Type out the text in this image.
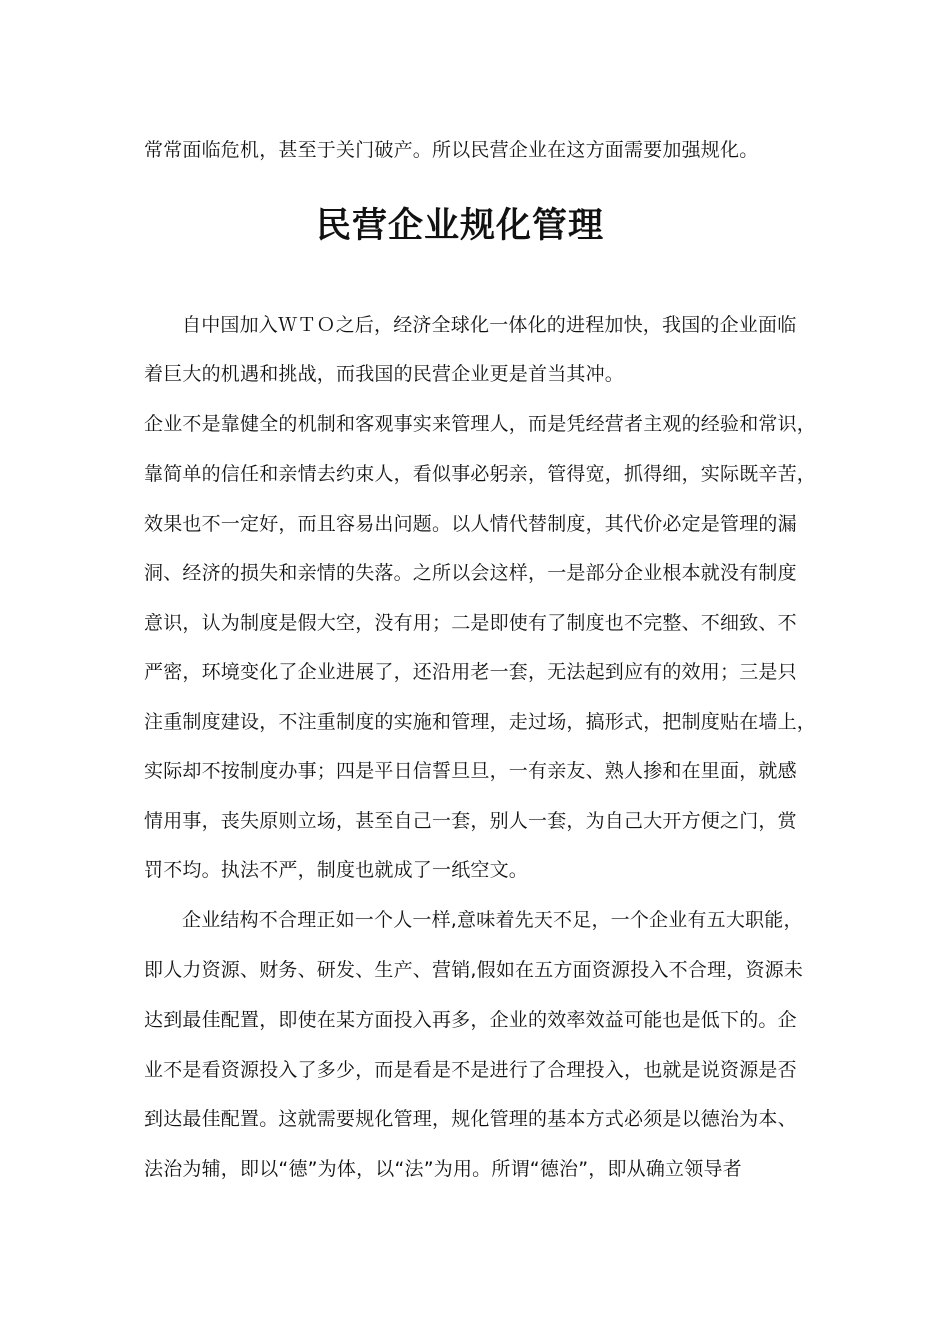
常常面临危机，甚至于关门破产。所以民营企业在这方面需要加强规化。
民营企业规化管理
自中国加入ＷＴＯ之后，经济全球化一体化的进程加快，我国的企业面临
着巨大的机遇和挑战，而我国的民营企业更是首当其冲。
企业不是靠健全的机制和客观事实来管理人，而是凭经营者主观的经验和常识，
靠简单的信任和亲情去约束人，看似事必躬亲，管得宽，抓得细，实际既辛苦，
效果也不一定好，而且容易出问题。以人情代替制度，其代价必定是管理的漏
洞、经济的损失和亲情的失落。之所以会这样，一是部分企业根本就没有制度
意识，认为制度是假大空，没有用；二是即使有了制度也不完整、不细致、不
严密，环境变化了企业进展了，还沿用老一套，无法起到应有的效用；三是只
注重制度建设，不注重制度的实施和管理，走过场，搞形式，把制度贴在墙上，
实际却不按制度办事；四是平日信誓旦旦，一有亲友、熟人掺和在里面，就感
情用事，丧失原则立场，甚至自己一套，别人一套，为自己大开方便之门，赏
罚不均。执法不严，制度也就成了一纸空文。
企业结构不合理正如一个人一样,意味着先天不足，一个企业有五大职能，
即人力资源、财务、研发、生产、营销,假如在五方面资源投入不合理，资源未
达到最佳配置，即使在某方面投入再多，企业的效率效益可能也是低下的。企
业不是看资源投入了多少，而是看是不是进行了合理投入，也就是说资源是否
到达最佳配置。这就需要规化管理，规化管理的基本方式必须是以德治为本、
法治为辅，即以“德”为体，以“法”为用。所谓“德治”，即从确立领导者
